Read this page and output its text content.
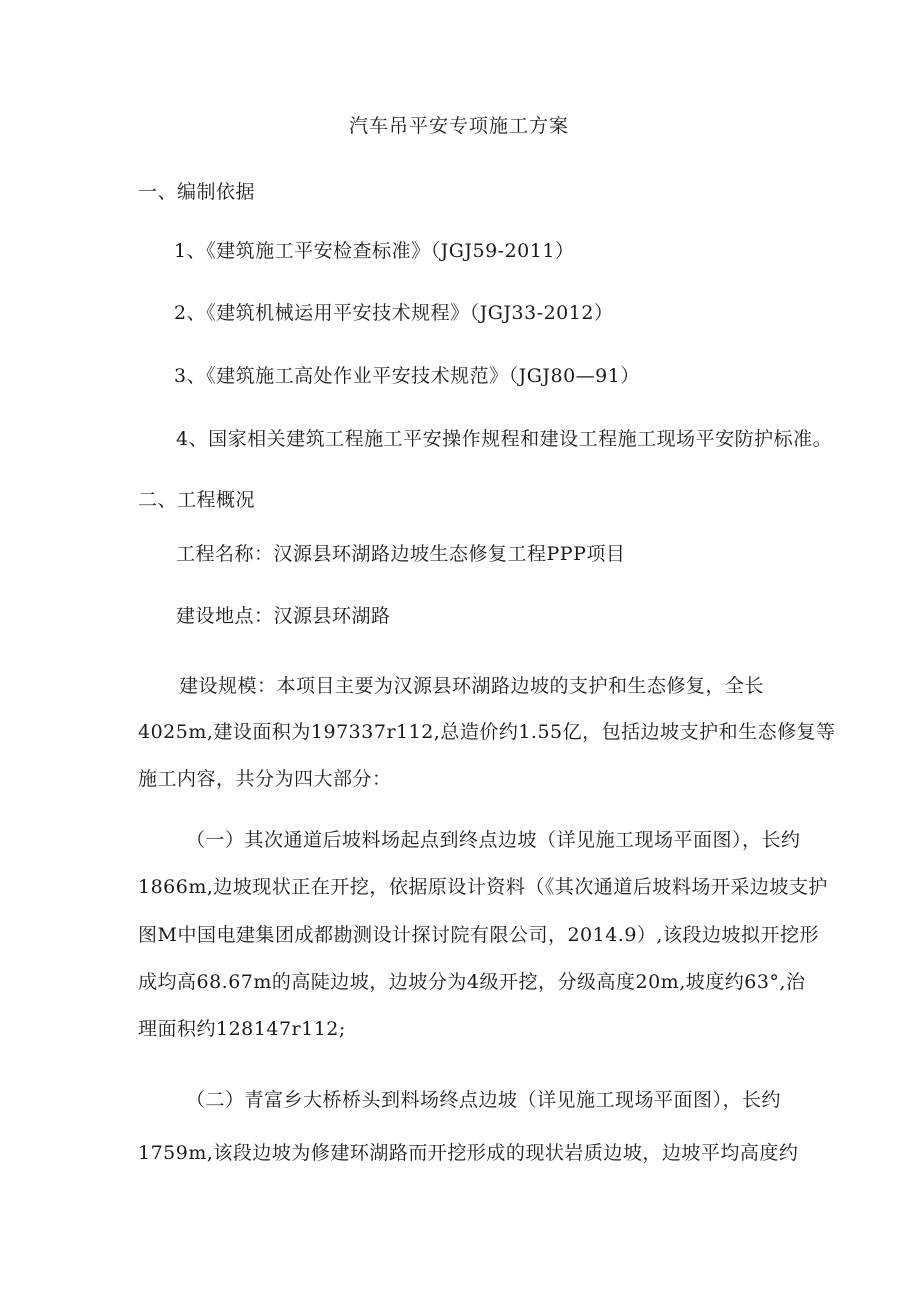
汽车吊平安专项施工方案
一、编制依据
1、《建筑施工平安检查标准》（JGJ59-2011）
2、《建筑机械运用平安技术规程》（JGJ33-2012）
3、《建筑施工高处作业平安技术规范》（JGJ80—91）
4、国家相关建筑工程施工平安操作规程和建设工程施工现场平安防护标准。
二、工程概况
工程名称：汉源县环湖路边坡生态修复工程PPP项目
建设地点：汉源县环湖路
建设规模：本项目主要为汉源县环湖路边坡的支护和生态修复，全长
4025m,建设面积为197337r112,总造价约1.55亿，包括边坡支护和生态修复等
施工内容，共分为四大部分：
（一）其次通道后坡料场起点到终点边坡（详见施工现场平面图），长约
1866m,边坡现状正在开挖，依据原设计资料（《其次通道后坡料场开采边坡支护
图M中国电建集团成都勘测设计探讨院有限公司，2014.9）,该段边坡拟开挖形
成均高68.67m的高陡边坡，边坡分为4级开挖，分级高度20m,坡度约63°,治
理面积约128147r112;
（二）青富乡大桥桥头到料场终点边坡（详见施工现场平面图），长约
1759m,该段边坡为修建环湖路而开挖形成的现状岩质边坡，边坡平均高度约
